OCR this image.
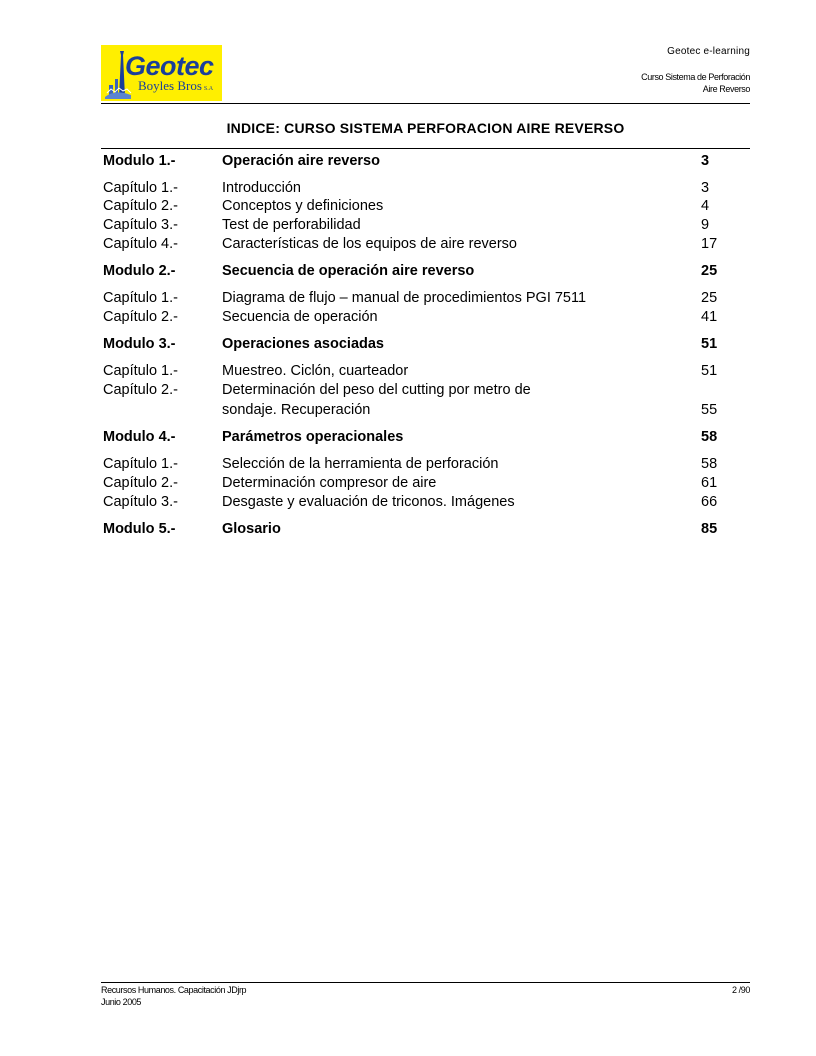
Geotec
Boyles Bros S.A
Geotec e-learning
Curso Sistema de Perforación
Aire Reverso
INDICE: CURSO SISTEMA PERFORACION AIRE REVERSO
Modulo 1.-	Operación aire reverso	3
Capítulo 1.-	Introducción	3
Capítulo 2.-	Conceptos y definiciones	4
Capítulo 3.-	Test de perforabilidad	9
Capítulo 4.-	Características de los equipos de aire reverso	17
Modulo 2.-	Secuencia de operación aire reverso	25
Capítulo 1.-	Diagrama de flujo – manual de procedimientos PGI 7511	25
Capítulo 2.-	Secuencia de operación	41
Modulo 3.-	Operaciones asociadas	51
Capítulo 1.-	Muestreo. Ciclón, cuarteador	51
Capítulo 2.-	Determinación del peso del cutting por metro de
sondaje. Recuperación	55
Modulo 4.-	Parámetros operacionales	58
Capítulo 1.-	Selección de la herramienta de perforación	58
Capítulo 2.-	Determinación compresor de aire	61
Capítulo 3.-	Desgaste y evaluación de triconos. Imágenes	66
Modulo 5.-	Glosario	85
Recursos Humanos. Capacitación JDjrp
Junio 2005
2 /90
